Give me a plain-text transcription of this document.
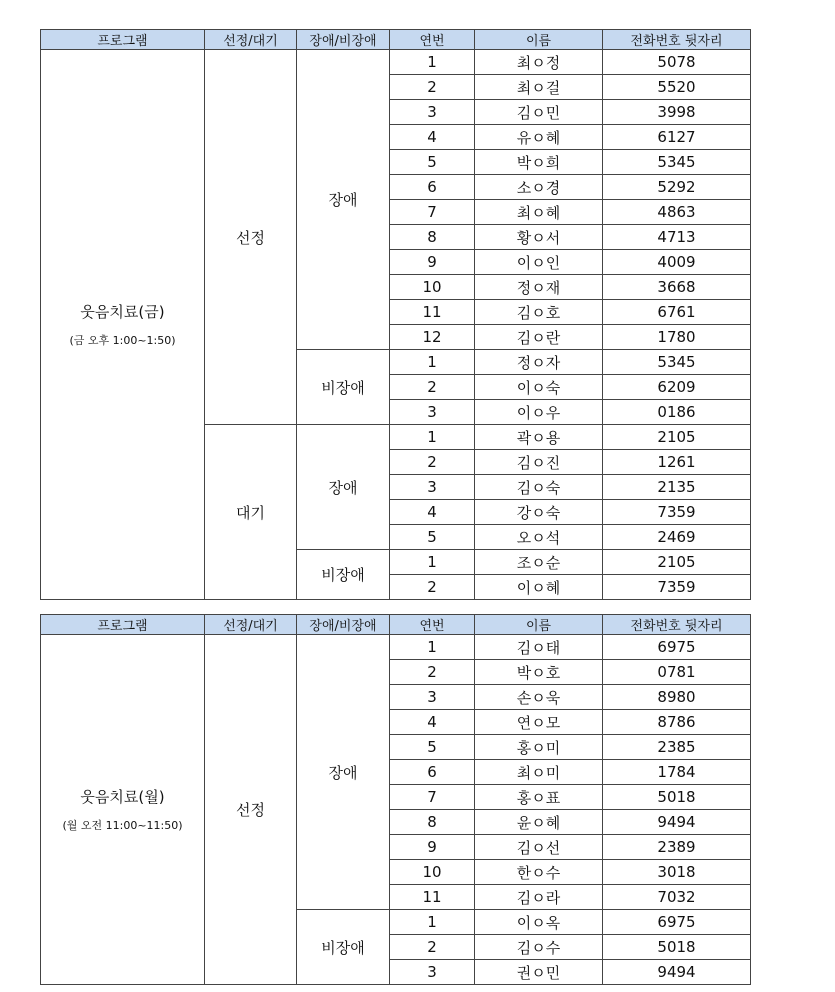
프로그램	선정/대기	장애/비장애	연번	이름	전화번호 뒷자리
웃음치료(금)
(금 오후 1:00~1:50)	선정	장애	1	최ㅇ정	5078
			2	최ㅇ걸	5520
			3	김ㅇ민	3998
			4	유ㅇ혜	6127
			5	박ㅇ희	5345
			6	소ㅇ경	5292
			7	최ㅇ혜	4863
			8	황ㅇ서	4713
			9	이ㅇ인	4009
			10	정ㅇ재	3668
			11	김ㅇ호	6761
			12	김ㅇ란	1780
		비장애	1	정ㅇ자	5345
			2	이ㅇ숙	6209
			3	이ㅇ우	0186
	대기	장애	1	곽ㅇ용	2105
			2	김ㅇ진	1261
			3	김ㅇ숙	2135
			4	강ㅇ숙	7359
			5	오ㅇ석	2469
		비장애	1	조ㅇ순	2105
			2	이ㅇ혜	7359
프로그램	선정/대기	장애/비장애	연번	이름	전화번호 뒷자리
웃음치료(월)
(월 오전 11:00~11:50)	선정	장애	1	김ㅇ태	6975
			2	박ㅇ호	0781
			3	손ㅇ욱	8980
			4	연ㅇ모	8786
			5	홍ㅇ미	2385
			6	최ㅇ미	1784
			7	홍ㅇ표	5018
			8	윤ㅇ혜	9494
			9	김ㅇ선	2389
			10	한ㅇ수	3018
			11	김ㅇ라	7032
		비장애	1	이ㅇ옥	6975
			2	김ㅇ수	5018
			3	권ㅇ민	9494
